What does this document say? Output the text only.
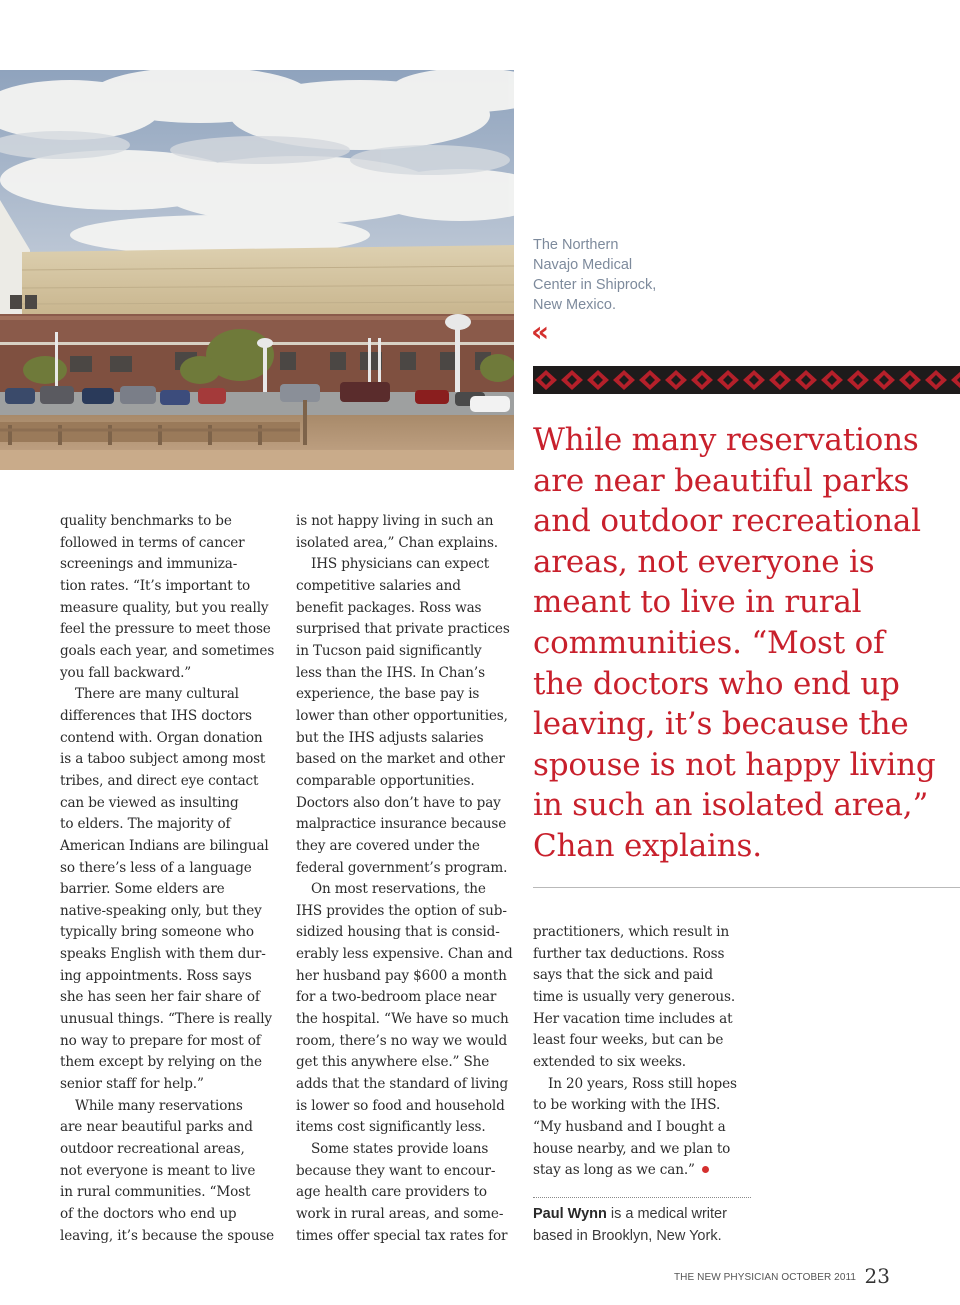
The Northern
Navajo Medical
Center in Shiprock,
New Mexico.
«
While many reservations
are near beautiful parks
and outdoor recreational
areas, not everyone is
meant to live in rural
communities. “Most of
the doctors who end up
leaving, it’s because the
spouse is not happy living
in such an isolated area,”
Chan explains.
quality benchmarks to be
followed in terms of cancer
screenings and immuniza-
tion rates. “It’s important to
measure quality, but you really
feel the pressure to meet those
goals each year, and sometimes
you fall backward.”
There are many cultural
differences that IHS doctors
contend with. Organ donation
is a taboo subject among most
tribes, and direct eye contact
can be viewed as insulting
to elders. The majority of
American Indians are bilingual
so there’s less of a language
barrier. Some elders are
native-speaking only, but they
typically bring someone who
speaks English with them dur-
ing appointments. Ross says
she has seen her fair share of
unusual things. “There is really
no way to prepare for most of
them except by relying on the
senior staff for help.”
While many reservations
are near beautiful parks and
outdoor recreational areas,
not everyone is meant to live
in rural communities. “Most
of the doctors who end up
leaving, it’s because the spouse
is not happy living in such an
isolated area,” Chan explains.
IHS physicians can expect
competitive salaries and
benefit packages. Ross was
surprised that private practices
in Tucson paid significantly
less than the IHS. In Chan’s
experience, the base pay is
lower than other opportunities,
but the IHS adjusts salaries
based on the market and other
comparable opportunities.
Doctors also don’t have to pay
malpractice insurance because
they are covered under the
federal government’s program.
On most reservations, the
IHS provides the option of sub-
sidized housing that is consid-
erably less expensive. Chan and
her husband pay $600 a month
for a two-bedroom place near
the hospital. “We have so much
room, there’s no way we would
get this anywhere else.” She
adds that the standard of living
is lower so food and household
items cost significantly less.
Some states provide loans
because they want to encour-
age health care providers to
work in rural areas, and some-
times offer special tax rates for
practitioners, which result in
further tax deductions. Ross
says that the sick and paid
time is usually very generous.
Her vacation time includes at
least four weeks, but can be
extended to six weeks.
In 20 years, Ross still hopes
to be working with the IHS.
“My husband and I bought a
house nearby, and we plan to
stay as long as we can.”
Paul Wynn is a medical writer
based in Brooklyn, New York.
THE NEW PHYSICIAN OCTOBER 2011 23
